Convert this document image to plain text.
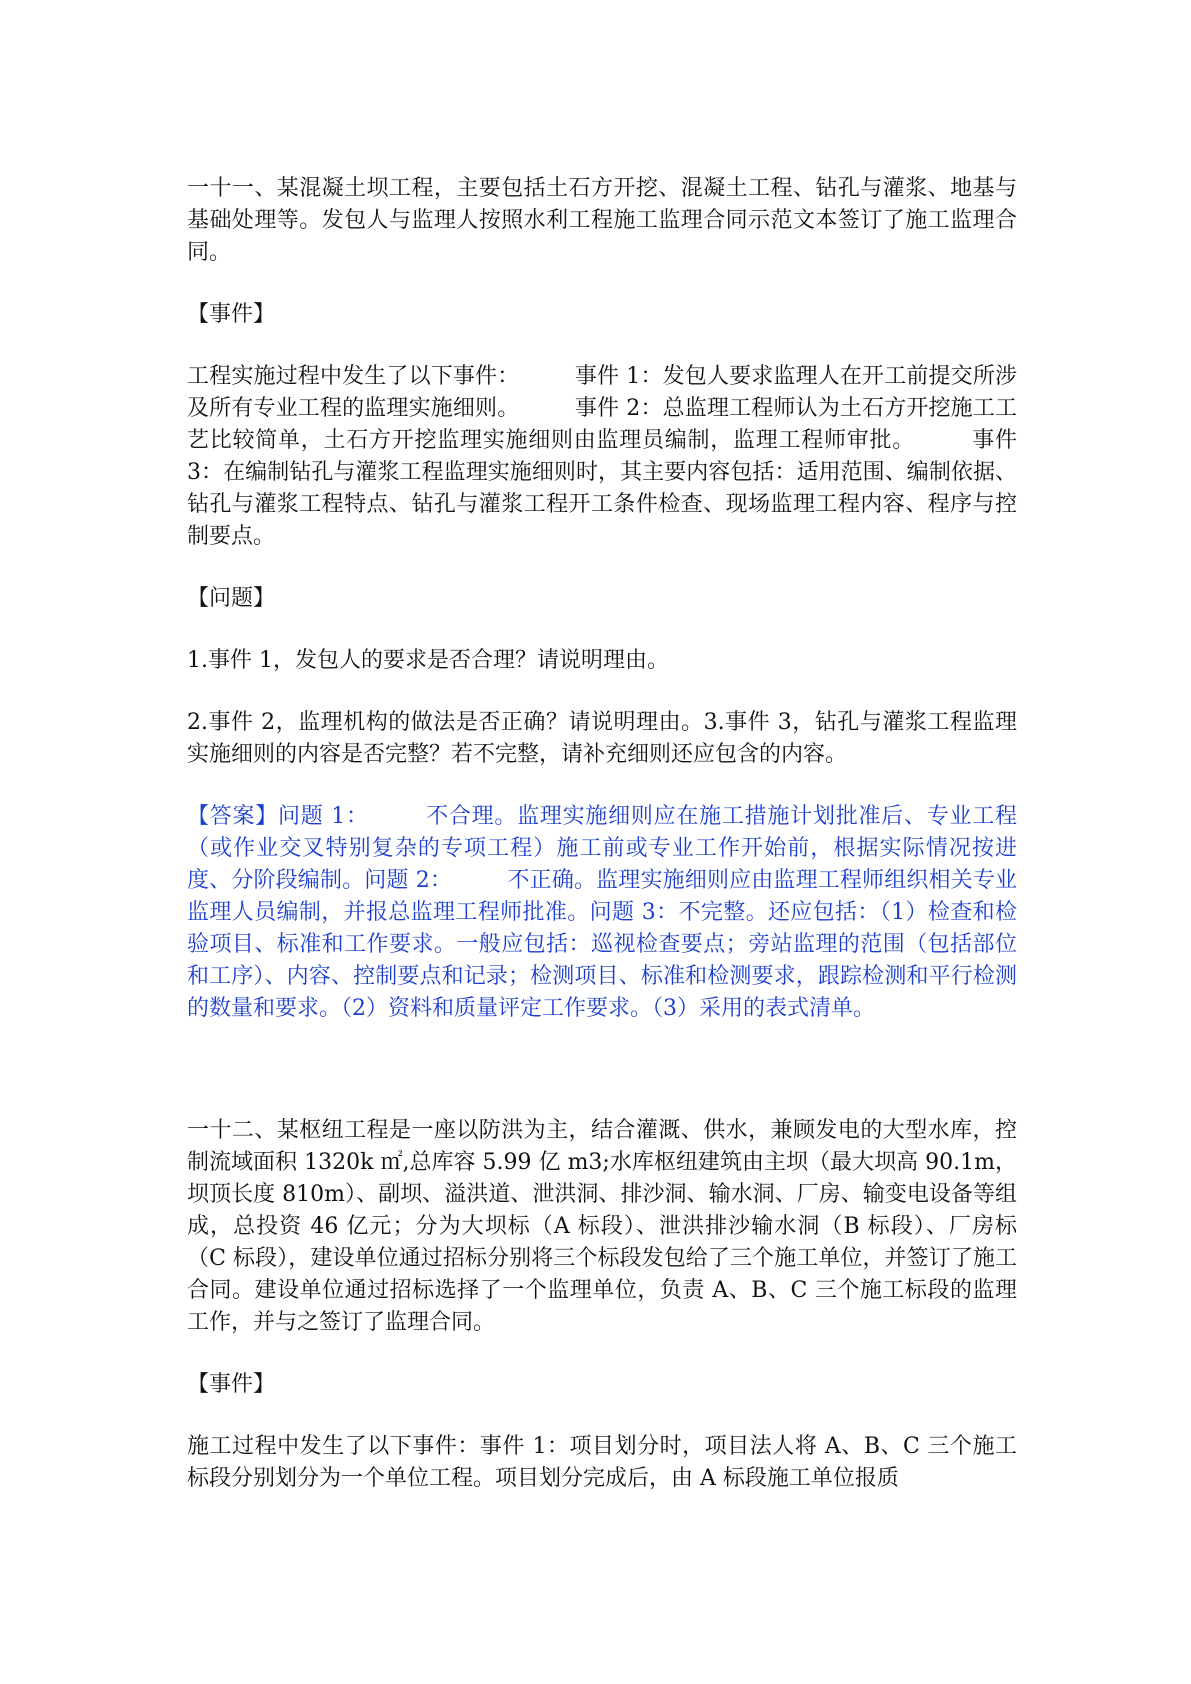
一十一、某混凝土坝工程，主要包括土石方开挖、混凝土工程、钻孔与灌浆、地基与基础处理等。发包人与监理人按照水利工程施工监理合同示范文本签订了施工监理合同。

【事件】

工程实施过程中发生了以下事件：　　　事件 1：发包人要求监理人在开工前提交所涉及所有专业工程的监理实施细则。　　　事件 2：总监理工程师认为土石方开挖施工工艺比较简单，土石方开挖监理实施细则由监理员编制，监理工程师审批。　　　事件 3：在编制钻孔与灌浆工程监理实施细则时，其主要内容包括：适用范围、编制依据、钻孔与灌浆工程特点、钻孔与灌浆工程开工条件检查、现场监理工程内容、程序与控制要点。

【问题】

1.事件 1，发包人的要求是否合理？请说明理由。

2.事件 2，监理机构的做法是否正确？请说明理由。3.事件 3，钻孔与灌浆工程监理实施细则的内容是否完整？若不完整，请补充细则还应包含的内容。

【答案】问题 1：　　　不合理。监理实施细则应在施工措施计划批准后、专业工程（或作业交叉特别复杂的专项工程）施工前或专业工作开始前，根据实际情况按进度、分阶段编制。问题 2：　　　不正确。监理实施细则应由监理工程师组织相关专业监理人员编制，并报总监理工程师批准。问题 3：不完整。还应包括：（1）检查和检验项目、标准和工作要求。一般应包括：巡视检查要点；旁站监理的范围（包括部位和工序）、内容、控制要点和记录；检测项目、标准和检测要求，跟踪检测和平行检测的数量和要求。（2）资料和质量评定工作要求。（3）采用的表式清单。

一十二、某枢纽工程是一座以防洪为主，结合灌溉、供水，兼顾发电的大型水库，控制流域面积 1320k ㎡,总库容 5.99 亿 m3;水库枢纽建筑由主坝（最大坝高 90.1m，坝顶长度 810m）、副坝、溢洪道、泄洪洞、排沙洞、输水洞、厂房、输变电设备等组成，总投资 46 亿元；分为大坝标（A 标段）、泄洪排沙输水洞（B 标段）、厂房标（C 标段），建设单位通过招标分别将三个标段发包给了三个施工单位，并签订了施工合同。建设单位通过招标选择了一个监理单位，负责 A、B、C 三个施工标段的监理工作，并与之签订了监理合同。

【事件】

施工过程中发生了以下事件：事件 1：项目划分时，项目法人将 A、B、C 三个施工标段分别划分为一个单位工程。项目划分完成后，由 A 标段施工单位报质
